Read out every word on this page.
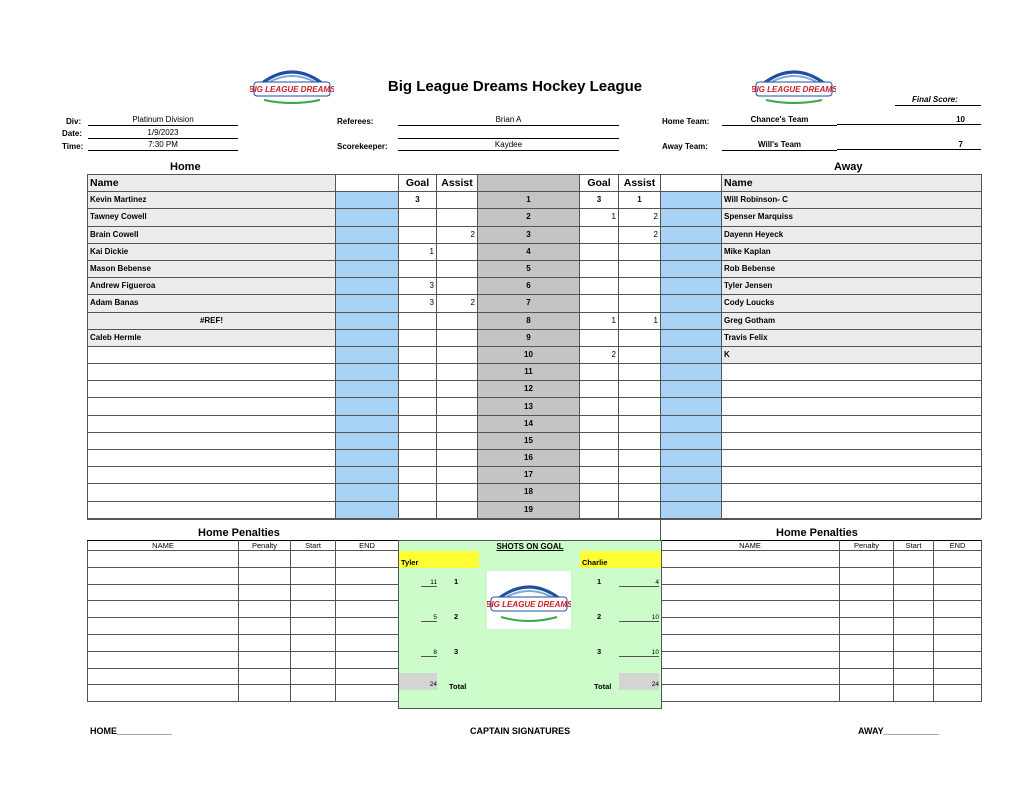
BIG LEAGUE DREAMS	BIG LEAGUE DREAMS
Big League Dreams Hockey League
Final Score:
Div:	Platinum Division
Date:	1/9/2023
Time:	7:30 PM
Referees:	Brian A
Scorekeeper:	Kaydee
Home Team:	Chance's Team	10
Away Team:	Will's Team	7
Home	Away
Name		Goal	Assist		Goal	Assist		Name
Kevin Martinez		3		1	3	1		Will Robinson- C
Tawney Cowell				2	1	2		Spenser Marquiss
Brain Cowell			2	3		2		Dayenn Heyeck
Kai Dickie		1		4				Mike Kaplan
Mason Bebense				5				Rob Bebense
Andrew Figueroa		3		6				Tyler Jensen
Adam Banas		3	2	7				Cody Loucks
#REF!				8	1	1		Greg Gotham
Caleb Hermle				9				Travis Felix
				10	2			K
				11				
				12				
				13				
				14				
				15				
				16				
				17				
				18				
				19				
Home Penalties	Home Penalties
NAME	Penalty	Start	END

				NAME	Penalty	Start	END

SHOTS ON GOAL
Tyler	Charlie
11 1	1	4
5 2	2	10
8 3	3	10
24 Total	Total	24
BIG LEAGUE DREAMS
HOME___________	CAPTAIN SIGNATURES	AWAY___________
